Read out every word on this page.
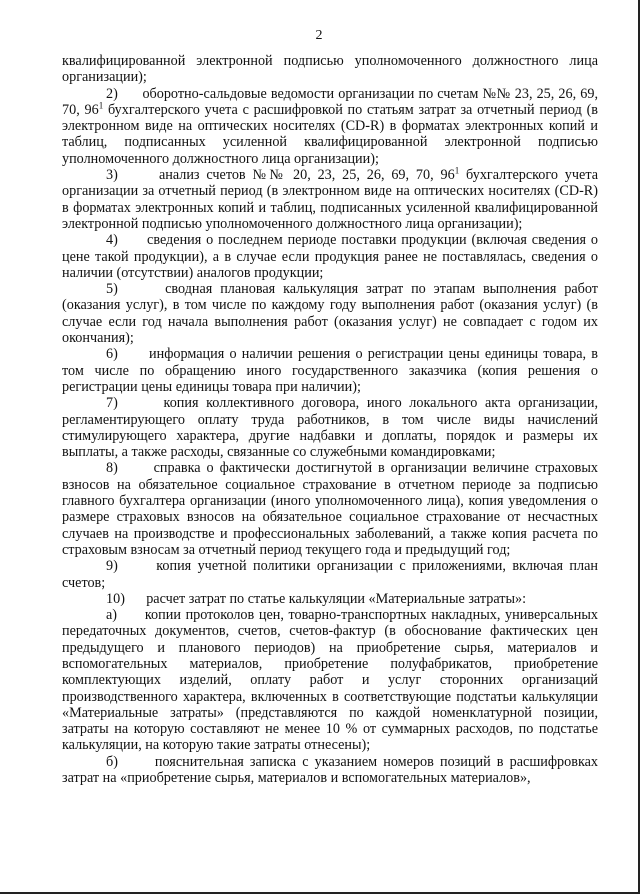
2

квалифицированной электронной подписью уполномоченного должностного лица организации);

2) оборотно-сальдовые ведомости организации по счетам №№ 23, 25, 26, 69, 70, $96^1$ бухгалтерского учета с расшифровкой по статьям затрат за отчетный период (в электронном виде на оптических носителях (CD-R) в форматах электронных копий и таблиц, подписанных усиленной квалифицированной электронной подписью уполномоченного должностного лица организации);

3)	анализ счетов №№ 20, 23, 25, 26, 69, 70, $96^1$ бухгалтерского учета организации за отчетный период (в электронном виде на оптических носителях (CD-R) в форматах электронных копий и таблиц, подписанных усиленной квалифицированной электронной подписью уполномоченного должностного лица организации);

4) сведения о последнем периоде поставки продукции (включая сведения о цене такой продукции), а в случае если продукция ранее не поставлялась, сведения о наличии (отсутствии) аналогов продукции;

5)	сводная плановая калькуляция затрат по этапам выполнения работ (оказания услуг), в том числе по каждому году выполнения работ (оказания услуг) (в случае если год начала выполнения работ (оказания услуг) не совпадает с годом их окончания);

6) информация о наличии решения о регистрации цены единицы товара, в том числе по обращению иного государственного заказчика (копия решения о регистрации цены единицы товара при наличии);

7)	копия коллективного договора, иного локального акта организации, регламентирующего оплату труда работников, в том числе виды начислений стимулирующего характера, другие надбавки и доплаты, порядок и размеры их выплаты, а также расходы, связанные со служебными командировками;

8)	справка о фактически достигнутой в организации величине страховых взносов на обязательное социальное страхование в отчетном периоде за подписью главного бухгалтера организации (иного уполномоченного лица), копия уведомления о размере страховых взносов на обязательное социальное страхование от несчастных случаев на производстве и профессиональных заболеваний, а также копия расчета по страховым взносам за отчетный период текущего года и предыдущий год;

9)	копия учетной политики организации с приложениями, включая план счетов;

10) расчет затрат по статье калькуляции «Материальные затраты»:

а) копии протоколов цен, товарно-транспортных накладных, универсальных передаточных документов, счетов, счетов-фактур (в обоснование фактических цен предыдущего и планового периодов) на приобретение сырья, материалов и вспомогательных материалов, приобретение полуфабрикатов, приобретение комплектующих изделий, оплату работ и услуг сторонних организаций производственного характера, включенных в соответствующие подстатьи калькуляции «Материальные затраты» (представляются по каждой номенклатурной позиции, затраты на которую составляют не менее 10 % от суммарных расходов, по подстатье калькуляции, на которую такие затраты отнесены);

б)	пояснительная записка с указанием номеров позиций в расшифровках затрат на «приобретение сырья, материалов и вспомогательных материалов»,
